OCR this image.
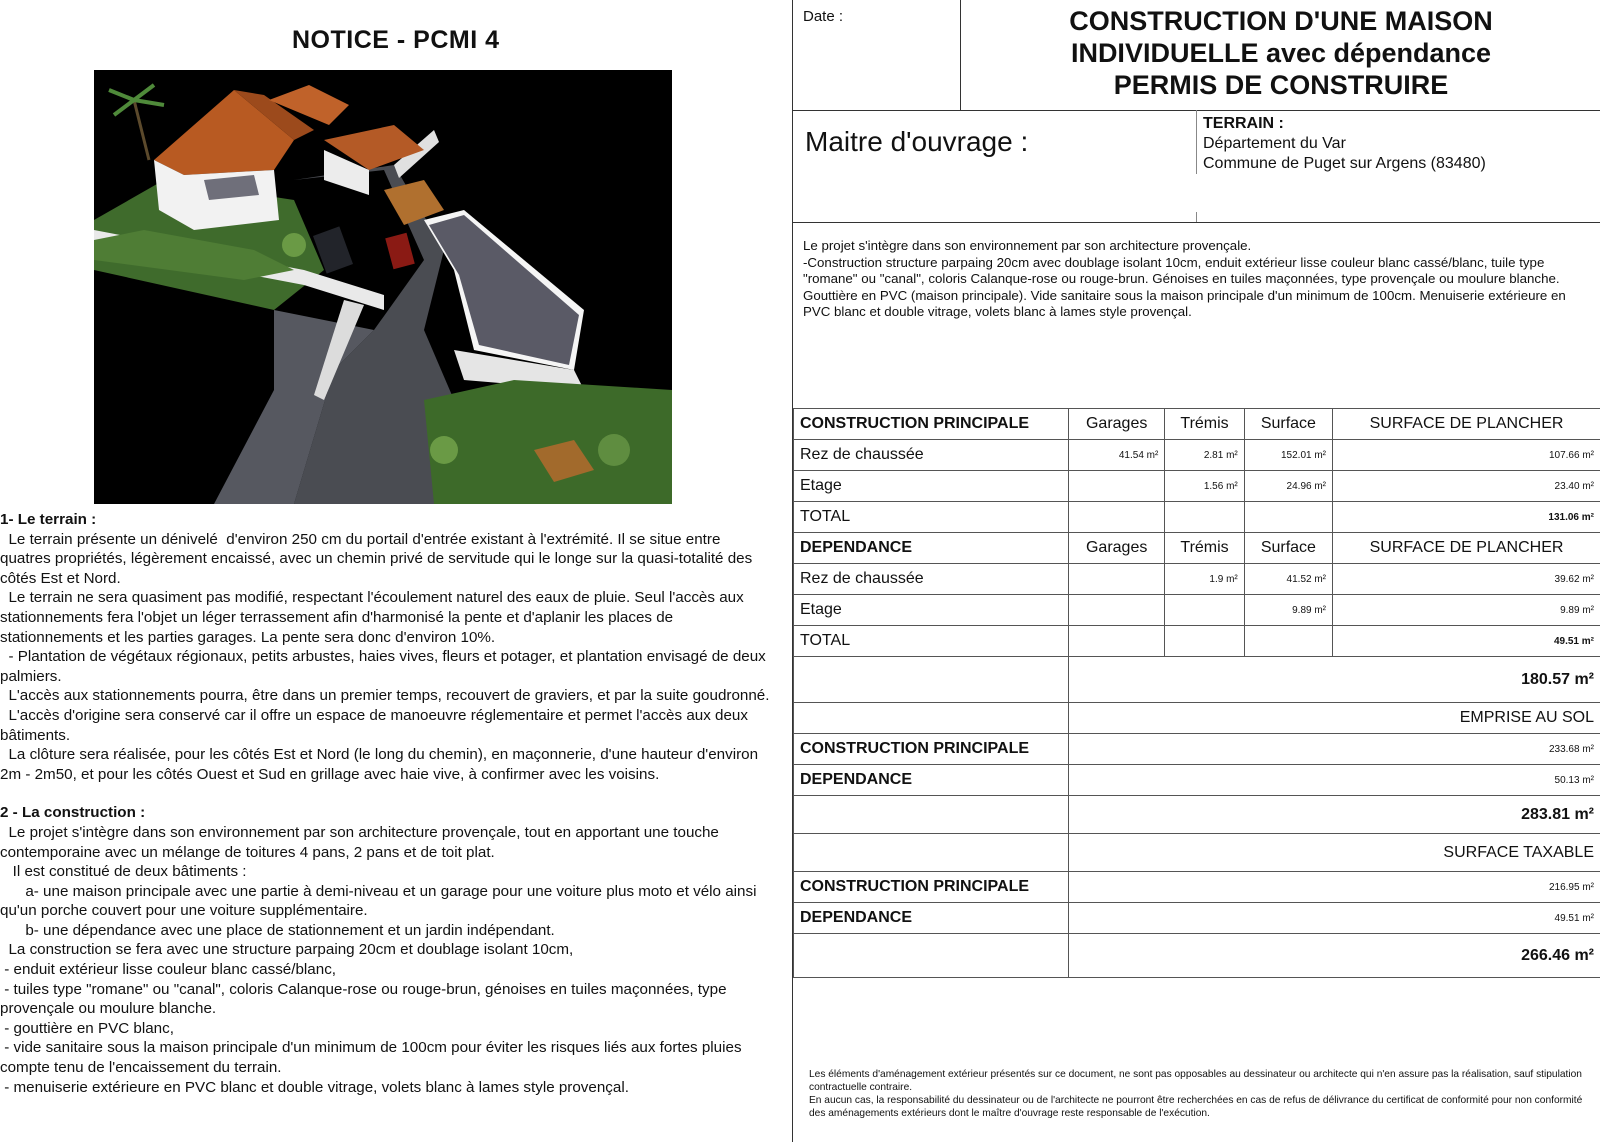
NOTICE - PCMI 4

1- Le terrain :

Le terrain présente un dénivelé  d'environ 250 cm du portail d'entrée existant à l'extrémité. Il se situe entre quatres propriétés, légèrement encaissé, avec un chemin privé de servitude qui le longe sur la quasi-totalité des côtés Est et Nord.

Le terrain ne sera quasiment pas modifié, respectant l'écoulement naturel des eaux de pluie. Seul l'accès aux stationnements fera l'objet un léger terrassement afin d'harmonisé la pente et d'aplanir les places de stationnements et les parties garages. La pente sera donc d'environ 10%.

- Plantation de végétaux régionaux, petits arbustes, haies vives, fleurs et potager, et plantation envisagé de deux palmiers.

L'accès aux stationnements pourra, être dans un premier temps, recouvert de graviers, et par la suite goudronné.

L'accès d'origine sera conservé car il offre un espace de manoeuvre réglementaire et permet l'accès aux deux bâtiments.

La clôture sera réalisée, pour les côtés Est et Nord (le long du chemin), en maçonnerie, d'une hauteur d'environ 2m - 2m50, et pour les côtés Ouest et Sud en grillage avec haie vive, à confirmer avec les voisins.

2 - La construction :

Le projet s'intègre dans son environnement par son architecture provençale, tout en apportant une touche contemporaine avec un mélange de toitures 4 pans, 2 pans et de toit plat.

Il est constitué de deux bâtiments :

a- une maison principale avec une partie à demi-niveau et un garage pour une voiture plus moto et vélo ainsi qu'un porche couvert pour une voiture supplémentaire.

b- une dépendance avec une place de stationnement et un jardin indépendant.

La construction se fera avec une structure parpaing 20cm et doublage isolant 10cm,

- enduit extérieur lisse couleur blanc cassé/blanc,

- tuiles type "romane" ou "canal", coloris Calanque-rose ou rouge-brun, génoises en tuiles maçonnées, type provençale ou moulure blanche.

- gouttière en PVC blanc,

- vide sanitaire sous la maison principale d'un minimum de 100cm pour éviter les risques liés aux fortes pluies compte tenu de l'encaissement du terrain.

- menuiserie extérieure en PVC blanc et double vitrage, volets blanc à lames style provençal.

Date :	CONSTRUCTION D'UNE MAISON
INDIVIDUELLE avec dépendance
PERMIS DE CONSTRUIRE
Maitre d'ouvrage :
TERRAIN :
Département du Var
Commune de Puget sur Argens (83480)

Le projet s'intègre dans son environnement par son architecture provençale.

-Construction structure parpaing 20cm avec doublage isolant 10cm, enduit extérieur lisse couleur blanc cassé/blanc, tuile type "romane" ou "canal", coloris Calanque-rose ou rouge-brun. Génoises en tuiles maçonnées, type provençale ou moulure blanche. Gouttière en PVC (maison principale). Vide sanitaire sous la maison principale d'un minimum de 100cm. Menuiserie extérieure en PVC blanc et double vitrage, volets blanc à lames style provençal.

CONSTRUCTION PRINCIPALE	Garages	Trémis	Surface	SURFACE DE PLANCHER
Rez de chaussée	41.54 m²	2.81 m²	152.01 m²	107.66 m²
Etage		1.56 m²	24.96 m²	23.40 m²
TOTAL				131.06 m²
DEPENDANCE	Garages	Trémis	Surface	SURFACE DE PLANCHER
Rez de chaussée		1.9 m²	41.52 m²	39.62 m²
Etage			9.89 m²	9.89 m²
TOTAL				49.51 m²
	180.57 m²			
	EMPRISE AU SOL			
CONSTRUCTION PRINCIPALE	233.68 m²			
DEPENDANCE	50.13 m²			
	283.81 m²			
	SURFACE TAXABLE			
CONSTRUCTION PRINCIPALE	216.95 m²			
DEPENDANCE	49.51 m²			
	266.46 m²			

Les éléments d'aménagement extérieur présentés sur ce document, ne sont pas opposables au dessinateur ou architecte qui n'en assure pas la réalisation, sauf stipulation contractuelle contraire.

En aucun cas, la responsabilité du dessinateur ou de l'architecte ne pourront être recherchées en cas de refus de délivrance du certificat de conformité pour non conformité des aménagements extérieurs dont le maître d'ouvrage reste responsable de l'exécution.
